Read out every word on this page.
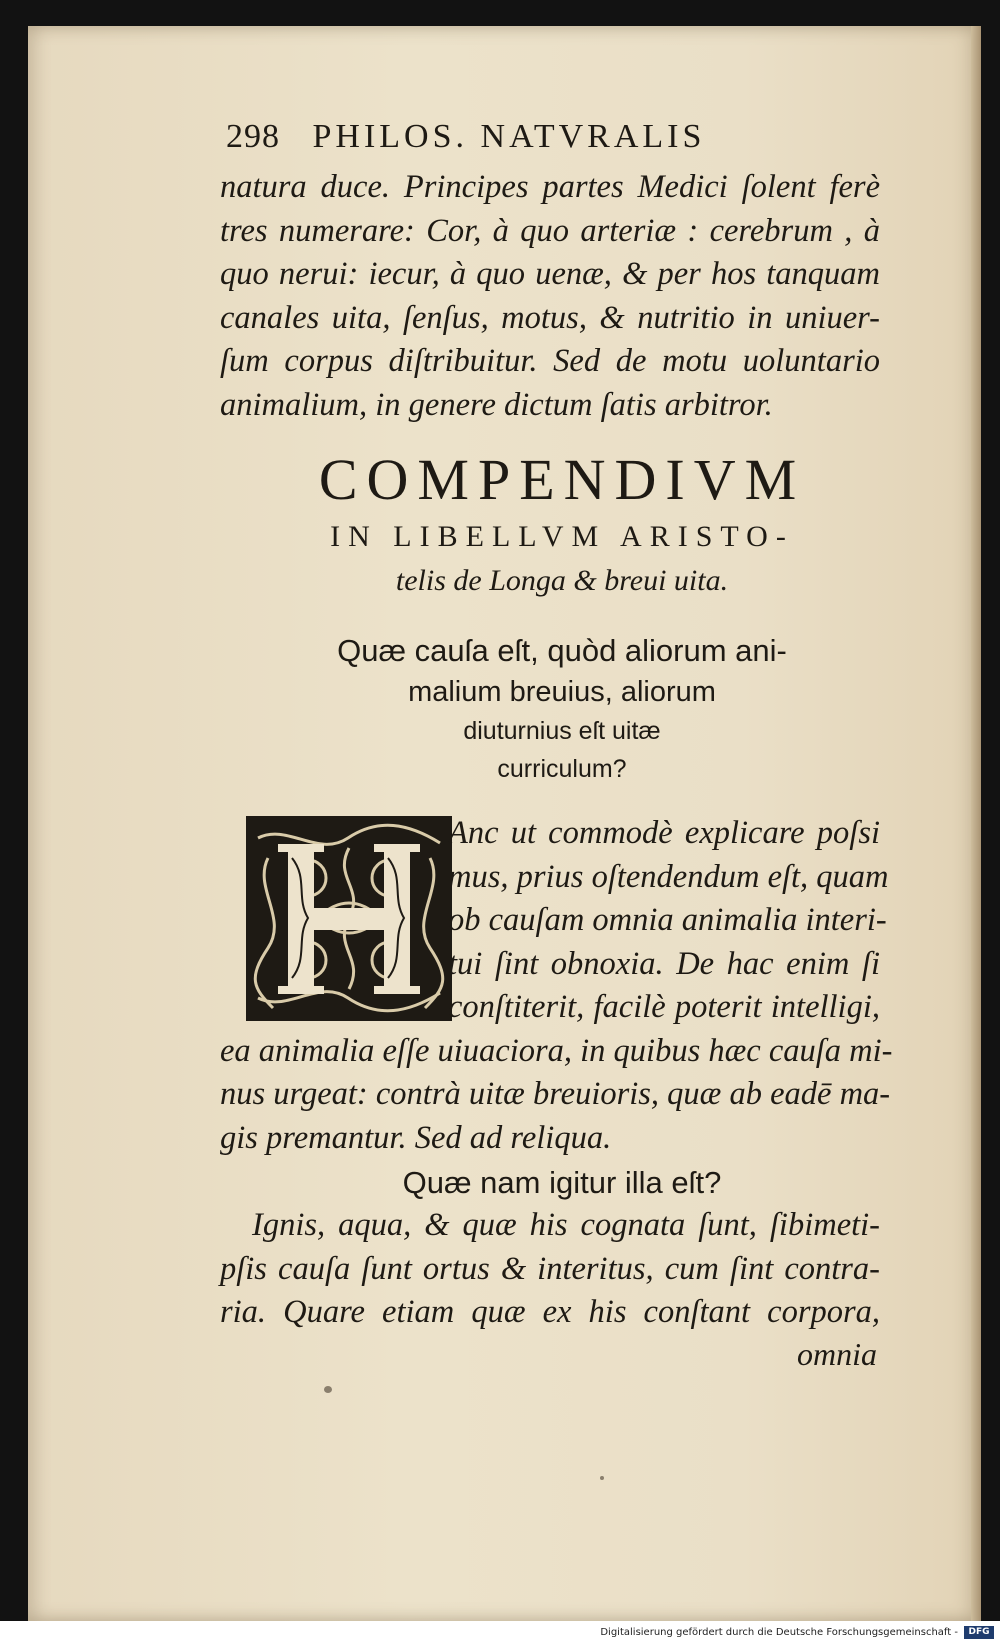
298 PHILOS. NATVRALIS

natura duce. Principes partes Medici ſolent ferè
tres numerare: Cor, à quo arteriæ : cerebrum , à
quo nerui: iecur, à quo uenæ, & per hos tanquam
canales uita, ſenſus, motus, & nutritio in uniuer-
ſum corpus diſtribuitur. Sed de motu uoluntario
animalium, in genere dictum ſatis arbitror.

COMPENDIVM
IN LIBELLVM ARISTO-
telis de Longa & breui uita.

Quæ cauſa eſt, quòd aliorum ani-
malium breuius, aliorum
diuturnius eſt uitæ
curriculum?

H

Anc ut commodè explicare poſsi
mus, prius oſtendendum eſt, quam
ob cauſam omnia animalia interi-
tui ſint obnoxia. De hac enim ſi
conſtiterit, facilè poterit intelligi,
ea animalia eſſe uiuaciora, in quibus hæc cauſa mi-
nus urgeat: contrà uitæ breuioris, quæ ab eadē ma-
gis premantur. Sed ad reliqua.

Quæ nam igitur illa eſt?

Ignis, aqua, & quæ his cognata ſunt, ſibimeti-
pſis cauſa ſunt ortus & interitus, cum ſint contra-
ria. Quare etiam quæ ex his conſtant corpora,

omnia
Digitalisierung gefördert durch die Deutsche Forschungsgemeinschaft -	DFG
